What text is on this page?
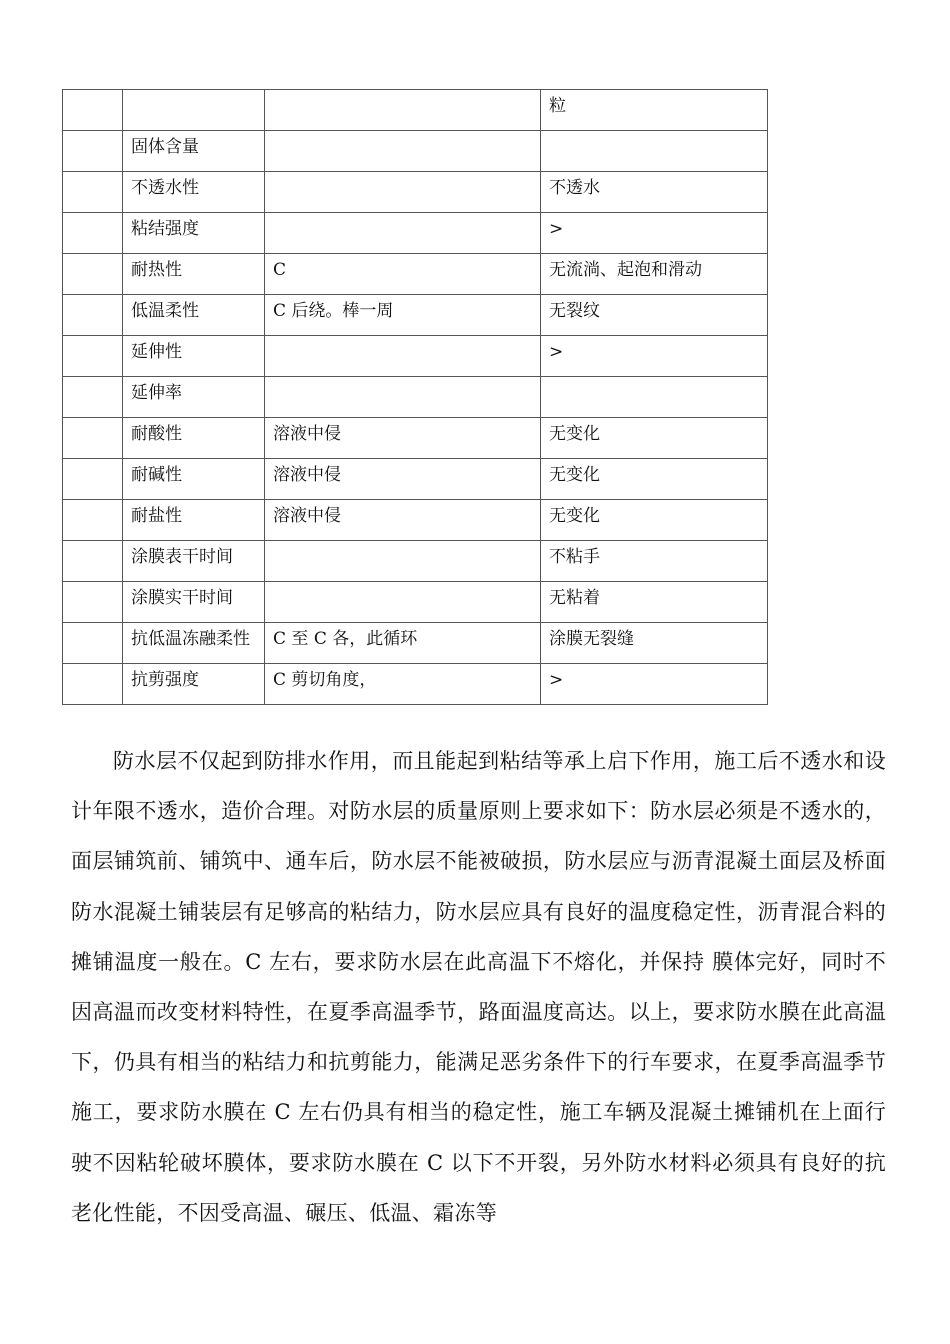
			粒
	固体含量		
	不透水性		不透水
	粘结强度		>
	耐热性	C	无流淌、起泡和滑动
	低温柔性	C 后绕。棒一周	无裂纹
	延伸性		>
	延伸率		
	耐酸性	溶液中侵	无变化
	耐碱性	溶液中侵	无变化
	耐盐性	溶液中侵	无变化
	涂膜表干时间		不粘手
	涂膜实干时间		无粘着
	抗低温冻融柔性	C 至 C 各，此循环	涂膜无裂缝
	抗剪强度	C 剪切角度，	>

防水层不仅起到防排水作用，而且能起到粘结等承上启下作用，施工后不透水和设计年限不透水，造价合理。对防水层的质量原则上要求如下：防水层必须是不透水的，面层铺筑前、铺筑中、通车后，防水层不能被破损，防水层应与沥青混凝土面层及桥面防水混凝土铺装层有足够高的粘结力，防水层应具有良好的温度稳定性，沥青混合料的摊铺温度一般在。C 左右，要求防水层在此高温下不熔化，并保持 膜体完好，同时不因高温而改变材料特性，在夏季高温季节，路面温度高达。以上，要求防水膜在此高温下，仍具有相当的粘结力和抗剪能力，能满足恶劣条件下的行车要求，在夏季高温季节施工，要求防水膜在 C 左右仍具有相当的稳定性，施工车辆及混凝土摊铺机在上面行驶不因粘轮破坏膜体，要求防水膜在 C 以下不开裂，另外防水材料必须具有良好的抗老化性能，不因受高温、碾压、低温、霜冻等
